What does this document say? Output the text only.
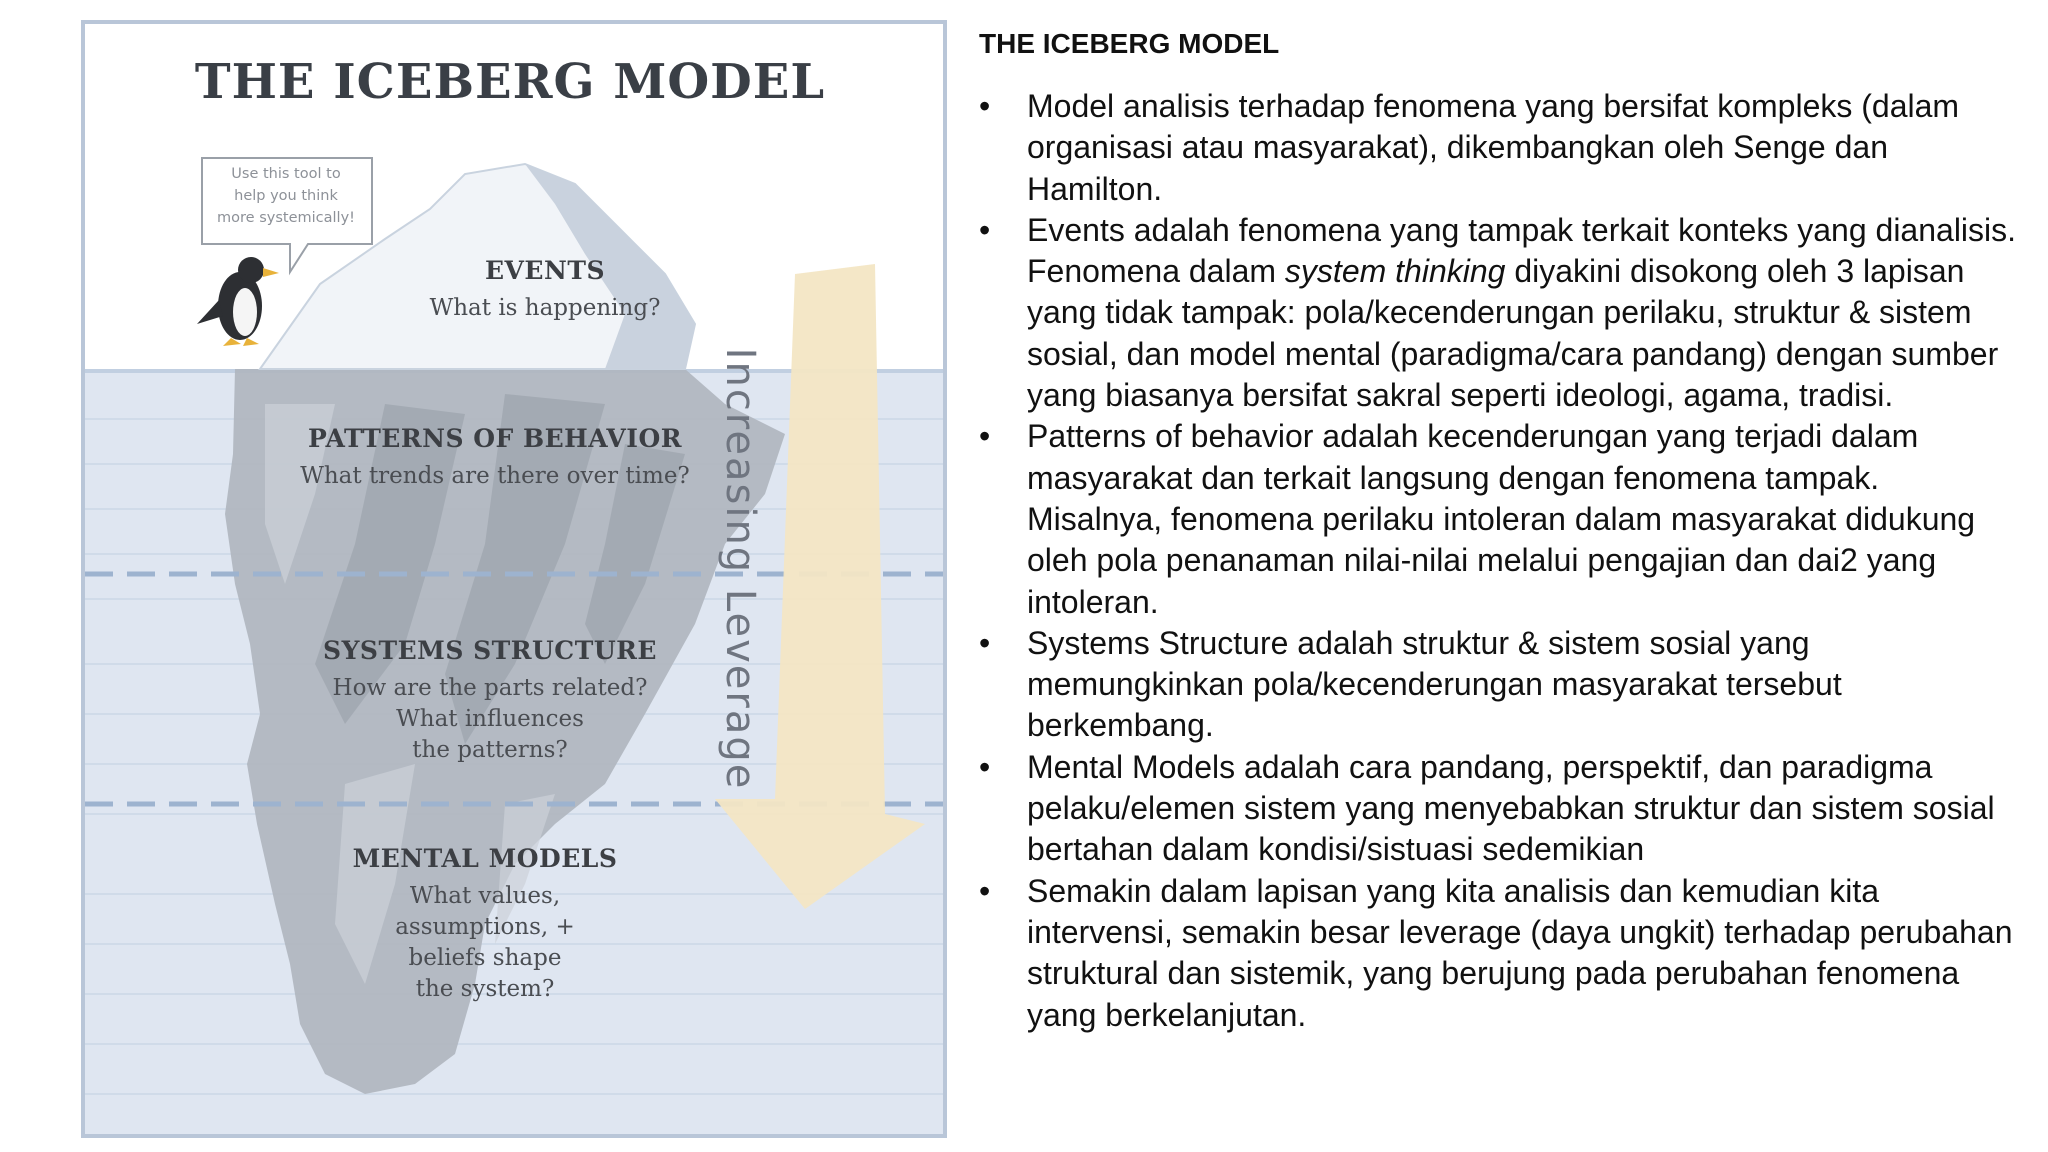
THE ICEBERG MODEL
Use this tool to
help you think
more systemically!
EVENTS
What is happening?
PATTERNS OF BEHAVIOR
What trends are there over time?
SYSTEMS STRUCTURE
How are the parts related?
What influences
the patterns?
MENTAL MODELS
What values,
assumptions, +
beliefs shape
the system?
Increasing Leverage
THE ICEBERG MODEL
• Model analisis terhadap fenomena yang bersifat kompleks (dalam organisasi atau masyarakat), dikembangkan oleh Senge dan Hamilton.
• Events adalah fenomena yang tampak terkait konteks yang dianalisis. Fenomena dalam system thinking diyakini disokong oleh 3 lapisan yang tidak tampak: pola/kecenderungan perilaku, struktur & sistem sosial, dan model mental (paradigma/cara pandang) dengan sumber yang biasanya bersifat sakral seperti ideologi, agama, tradisi.
• Patterns of behavior adalah kecenderungan yang terjadi dalam masyarakat dan terkait langsung dengan fenomena tampak. Misalnya, fenomena perilaku intoleran dalam masyarakat didukung oleh pola penanaman nilai-nilai melalui pengajian dan dai2 yang intoleran.
• Systems Structure adalah struktur & sistem sosial yang memungkinkan pola/kecenderungan masyarakat tersebut berkembang.
• Mental Models adalah cara pandang, perspektif, dan paradigma pelaku/elemen sistem yang menyebabkan struktur dan sistem sosial bertahan dalam kondisi/sistuasi sedemikian
• Semakin dalam lapisan yang kita analisis dan kemudian kita intervensi, semakin besar leverage (daya ungkit) terhadap perubahan struktural dan sistemik, yang berujung pada perubahan fenomena yang berkelanjutan.
